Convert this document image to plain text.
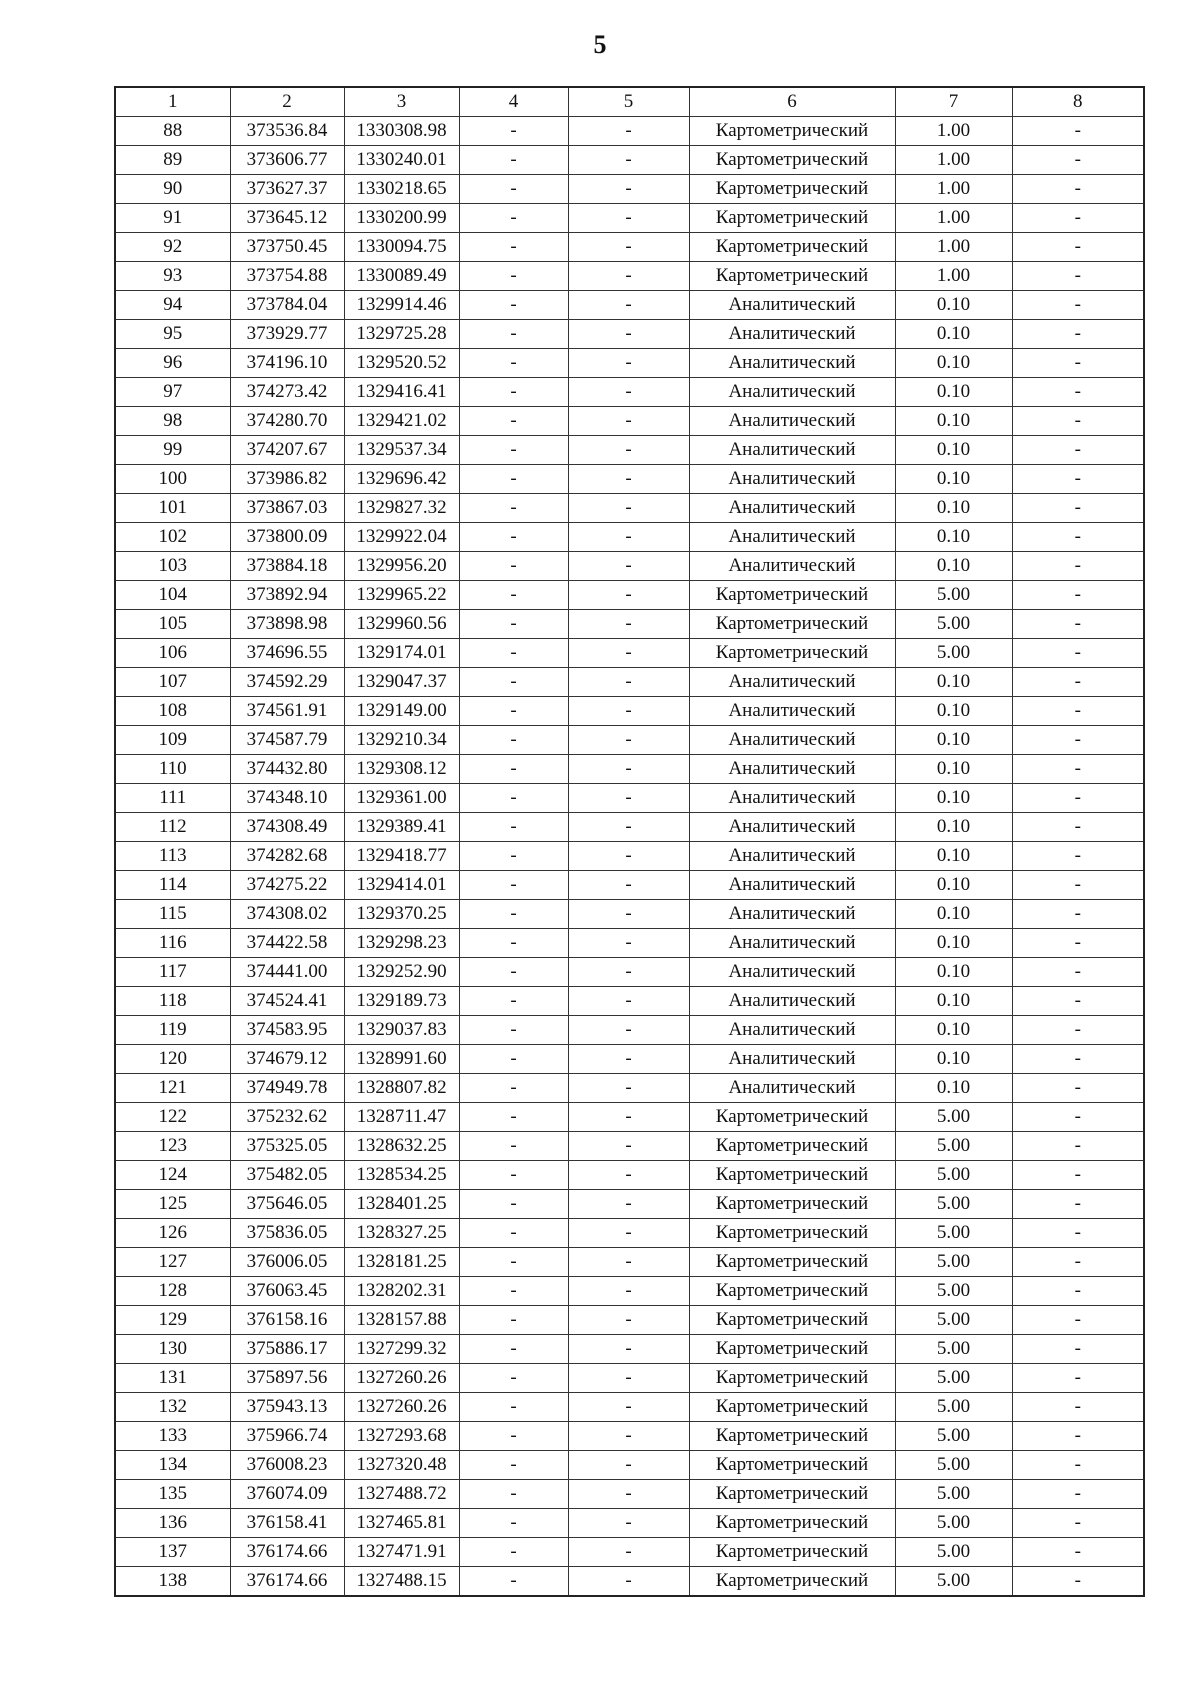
5
1	2	3	4	5	6	7	8
88	373536.84	1330308.98	-	-	Картометрический	1.00	-
89	373606.77	1330240.01	-	-	Картометрический	1.00	-
90	373627.37	1330218.65	-	-	Картометрический	1.00	-
91	373645.12	1330200.99	-	-	Картометрический	1.00	-
92	373750.45	1330094.75	-	-	Картометрический	1.00	-
93	373754.88	1330089.49	-	-	Картометрический	1.00	-
94	373784.04	1329914.46	-	-	Аналитический	0.10	-
95	373929.77	1329725.28	-	-	Аналитический	0.10	-
96	374196.10	1329520.52	-	-	Аналитический	0.10	-
97	374273.42	1329416.41	-	-	Аналитический	0.10	-
98	374280.70	1329421.02	-	-	Аналитический	0.10	-
99	374207.67	1329537.34	-	-	Аналитический	0.10	-
100	373986.82	1329696.42	-	-	Аналитический	0.10	-
101	373867.03	1329827.32	-	-	Аналитический	0.10	-
102	373800.09	1329922.04	-	-	Аналитический	0.10	-
103	373884.18	1329956.20	-	-	Аналитический	0.10	-
104	373892.94	1329965.22	-	-	Картометрический	5.00	-
105	373898.98	1329960.56	-	-	Картометрический	5.00	-
106	374696.55	1329174.01	-	-	Картометрический	5.00	-
107	374592.29	1329047.37	-	-	Аналитический	0.10	-
108	374561.91	1329149.00	-	-	Аналитический	0.10	-
109	374587.79	1329210.34	-	-	Аналитический	0.10	-
110	374432.80	1329308.12	-	-	Аналитический	0.10	-
111	374348.10	1329361.00	-	-	Аналитический	0.10	-
112	374308.49	1329389.41	-	-	Аналитический	0.10	-
113	374282.68	1329418.77	-	-	Аналитический	0.10	-
114	374275.22	1329414.01	-	-	Аналитический	0.10	-
115	374308.02	1329370.25	-	-	Аналитический	0.10	-
116	374422.58	1329298.23	-	-	Аналитический	0.10	-
117	374441.00	1329252.90	-	-	Аналитический	0.10	-
118	374524.41	1329189.73	-	-	Аналитический	0.10	-
119	374583.95	1329037.83	-	-	Аналитический	0.10	-
120	374679.12	1328991.60	-	-	Аналитический	0.10	-
121	374949.78	1328807.82	-	-	Аналитический	0.10	-
122	375232.62	1328711.47	-	-	Картометрический	5.00	-
123	375325.05	1328632.25	-	-	Картометрический	5.00	-
124	375482.05	1328534.25	-	-	Картометрический	5.00	-
125	375646.05	1328401.25	-	-	Картометрический	5.00	-
126	375836.05	1328327.25	-	-	Картометрический	5.00	-
127	376006.05	1328181.25	-	-	Картометрический	5.00	-
128	376063.45	1328202.31	-	-	Картометрический	5.00	-
129	376158.16	1328157.88	-	-	Картометрический	5.00	-
130	375886.17	1327299.32	-	-	Картометрический	5.00	-
131	375897.56	1327260.26	-	-	Картометрический	5.00	-
132	375943.13	1327260.26	-	-	Картометрический	5.00	-
133	375966.74	1327293.68	-	-	Картометрический	5.00	-
134	376008.23	1327320.48	-	-	Картометрический	5.00	-
135	376074.09	1327488.72	-	-	Картометрический	5.00	-
136	376158.41	1327465.81	-	-	Картометрический	5.00	-
137	376174.66	1327471.91	-	-	Картометрический	5.00	-
138	376174.66	1327488.15	-	-	Картометрический	5.00	-
